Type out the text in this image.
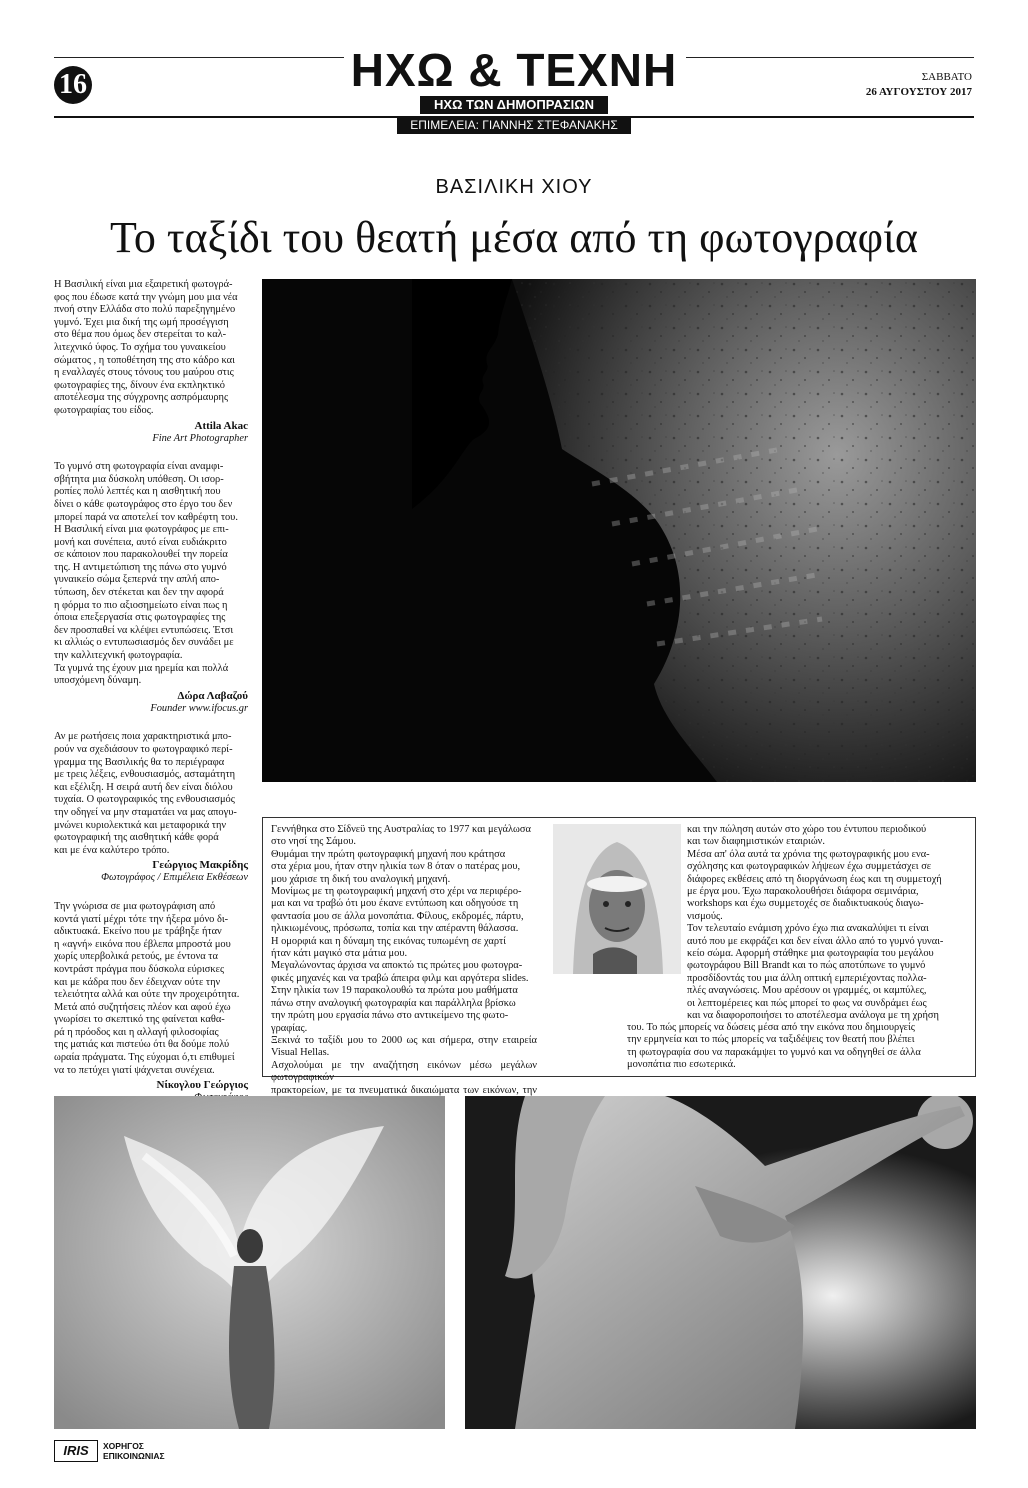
16	ΗΧΩ & ΤΕΧΝΗ
ΗΧΩ ΤΩΝ ΔΗΜΟΠΡΑΣΙΩΝ
ΕΠΙΜΕΛΕΙΑ: ΓΙΑΝΝΗΣ ΣΤΕΦΑΝΑΚΗΣ
ΣΑΒΒΑΤΟ
26 ΑΥΓΟΥΣΤΟΥ 2017
ΒΑΣΙΛΙΚΗ ΧΙΟΥ
Το ταξίδι του θεατή μέσα από τη φωτογραφία

Η Βασιλική είναι μια εξαιρετική φωτογρά-

φος που έδωσε κατά την γνώμη μου μια νέα

πνοή στην Ελλάδα στο πολύ παρεξηγημένο

γυμνό. Έχει μια δική της ωμή προσέγγιση

στο θέμα που όμως δεν στερείται το καλ-

λιτεχνικό ύφος. Το σχήμα του γυναικείου

σώματος , η τοποθέτηση της στο κάδρο και

η εναλλαγές στους τόνους του μαύρου στις

φωτογραφίες της, δίνουν ένα εκπληκτικό

αποτέλεσμα της σύγχρονης ασπρόμαυρης

φωτογραφίας του είδος.

Attila Akac
Fine Art Photographer

Το γυμνό στη φωτογραφία είναι αναμφι-

σβήτητα μια δύσκολη υπόθεση. Οι ισορ-

ροπίες πολύ λεπτές και η αισθητική που

δίνει ο κάθε φωτογράφος στο έργο του δεν

μπορεί παρά να αποτελεί τον καθρέφτη του.

Η Βασιλική είναι μια φωτογράφος με επι-

μονή και συνέπεια, αυτό είναι ευδιάκριτο

σε κάποιον που παρακολουθεί την πορεία

της. Η αντιμετώπιση της πάνω στο γυμνό

γυναικείο σώμα ξεπερνά την απλή απο-

τύπωση, δεν στέκεται και δεν την αφορά

η φόρμα το πιο αξιοσημείωτο είναι πως η

όποια επεξεργασία στις φωτογραφίες της

δεν προσπαθεί να κλέψει εντυπώσεις. Έτσι

κι αλλιώς ο εντυπωσιασμός δεν συνάδει με

την καλλιτεχνική φωτογραφία.

Τα γυμνά της έχουν μια ηρεμία και πολλά

υποσχόμενη δύναμη.

Δώρα Λαβαζού
Founder www.ifocus.gr

Αν με ρωτήσεις ποια χαρακτηριστικά μπο-

ρούν να σχεδιάσουν το φωτογραφικό περί-

γραμμα της Βασιλικής θα το περιέγραφα

με τρεις λέξεις, ενθουσιασμός, ασταμάτητη

και εξέλιξη. Η σειρά αυτή δεν είναι διόλου

τυχαία. Ο φωτογραφικός της ενθουσιασμός

την οδηγεί να μην σταματάει να μας απογυ-

μνώνει κυριολεκτικά και μεταφορικά την

φωτογραφική της αισθητική κάθε φορά

και με ένα καλύτερο τρόπο.

Γεώργιος Μακρίδης
Φωτογράφος / Επιμέλεια Εκθέσεων

Την γνώρισα σε μια φωτογράφιση από

κοντά γιατί μέχρι τότε την ήξερα μόνο δι-

αδικτυακά. Εκείνο που με τράβηξε ήταν

η «αγνή» εικόνα που έβλεπα μπροστά μου

χωρίς υπερβολικά ρετούς, με έντονα τα

κοντράστ πράγμα που δύσκολα εύρισκες

και με κάδρα που δεν έδειχναν ούτε την

τελειότητα αλλά και ούτε την προχειρότητα.

Μετά από συζητήσεις πλέον και αφού έχω

γνωρίσει το σκεπτικό της φαίνεται καθα-

ρά η πρόοδος και η αλλαγή φιλοσοφίας

της ματιάς και πιστεύω ότι θα δούμε πολύ

ωραία πράγματα. Της εύχομαι ό,τι επιθυμεί

να το πετύχει γιατί ψάχνεται συνέχεια.

Νίκογλου Γεώργιος

Γεννήθηκα στο Σίδνεϋ της Αυστραλίας το 1977 και μεγάλωσα

στο νησί της Σάμου.

Θυμάμαι την πρώτη φωτογραφική μηχανή που κράτησα

στα χέρια μου, ήταν στην ηλικία των 8 όταν ο πατέρας μου,

μου χάρισε τη δική του αναλογική μηχανή.

Μονίμως με τη φωτογραφική μηχανή στο χέρι να περιφέρο-

μαι και να τραβώ ότι μου έκανε εντύπωση και οδηγούσε τη

φαντασία μου σε άλλα μονοπάτια. Φίλους, εκδρομές, πάρτυ,

ηλικιωμένους, πρόσωπα, τοπία και την απέραντη θάλασσα.

Η ομορφιά και η δύναμη της εικόνας τυπωμένη σε χαρτί

ήταν κάτι μαγικό στα μάτια μου.

Μεγαλώνοντας άρχισα να αποκτώ τις πρώτες μου φωτογρα-

φικές μηχανές και να τραβώ άπειρα φιλμ και αργότερα slides.

Στην ηλικία των 19 παρακολουθώ τα πρώτα μου μαθήματα

πάνω στην αναλογική φωτογραφία και παράλληλα βρίσκω

την πρώτη μου εργασία πάνω στο αντικείμενο της φωτο-

γραφίας.

Ξεκινά το ταξίδι μου το 2000 ως και σήμερα, στην εταιρεία Visual Hellas.

Ασχολούμαι με την αναζήτηση εικόνων μέσω μεγάλων φωτογραφικών

πρακτορείων, με τα πνευματικά δικαιώματα των εικόνων, την

και την πώληση αυτών στο χώρο του έντυπου περιοδικού

και των διαφημιστικών εταιριών.

Μέσα απ' όλα αυτά τα χρόνια της φωτογραφικής μου ενα-

σχόλησης και φωτογραφικών λήψεων έχω συμμετάσχει σε

διάφορες εκθέσεις από τη διοργάνωση έως και τη συμμετοχή

με έργα μου. Έχω παρακολουθήσει διάφορα σεμινάρια,

workshops και έχω συμμετοχές σε διαδικτυακούς διαγω-

νισμούς.

Τον τελευταίο ενάμιση χρόνο έχω πια ανακαλύψει τι είναι

αυτό που με εκφράζει και δεν είναι άλλο από το γυμνό γυναι-

κείο σώμα. Αφορμή στάθηκε μια φωτογραφία του μεγάλου

φωτογράφου Bill Brandt και το πώς αποτύπωνε το γυμνό

προσδίδοντάς του μια άλλη οπτική εμπεριέχοντας πολλα-

πλές αναγνώσεις. Μου αρέσουν οι γραμμές, οι καμπύλες,

οι λεπτομέρειες και πώς μπορεί το φως να συνδράμει έως

και να διαφοροποιήσει το αποτέλεσμα ανάλογα με τη χρήση

του. Το πώς μπορείς να δώσεις μέσα από την εικόνα που δημιουργείς

την ερμηνεία και το πώς μπορείς να ταξιδέψεις τον θεατή που βλέπει

τη φωτογραφία σου να παρακάμψει το γυμνό και να οδηγηθεί σε άλλα

μονοπάτια πιο εσωτερικά.

IRIS	ΧΟΡΗΓΟΣ
ΕΠΙΚΟΙΝΩΝΙΑΣ
